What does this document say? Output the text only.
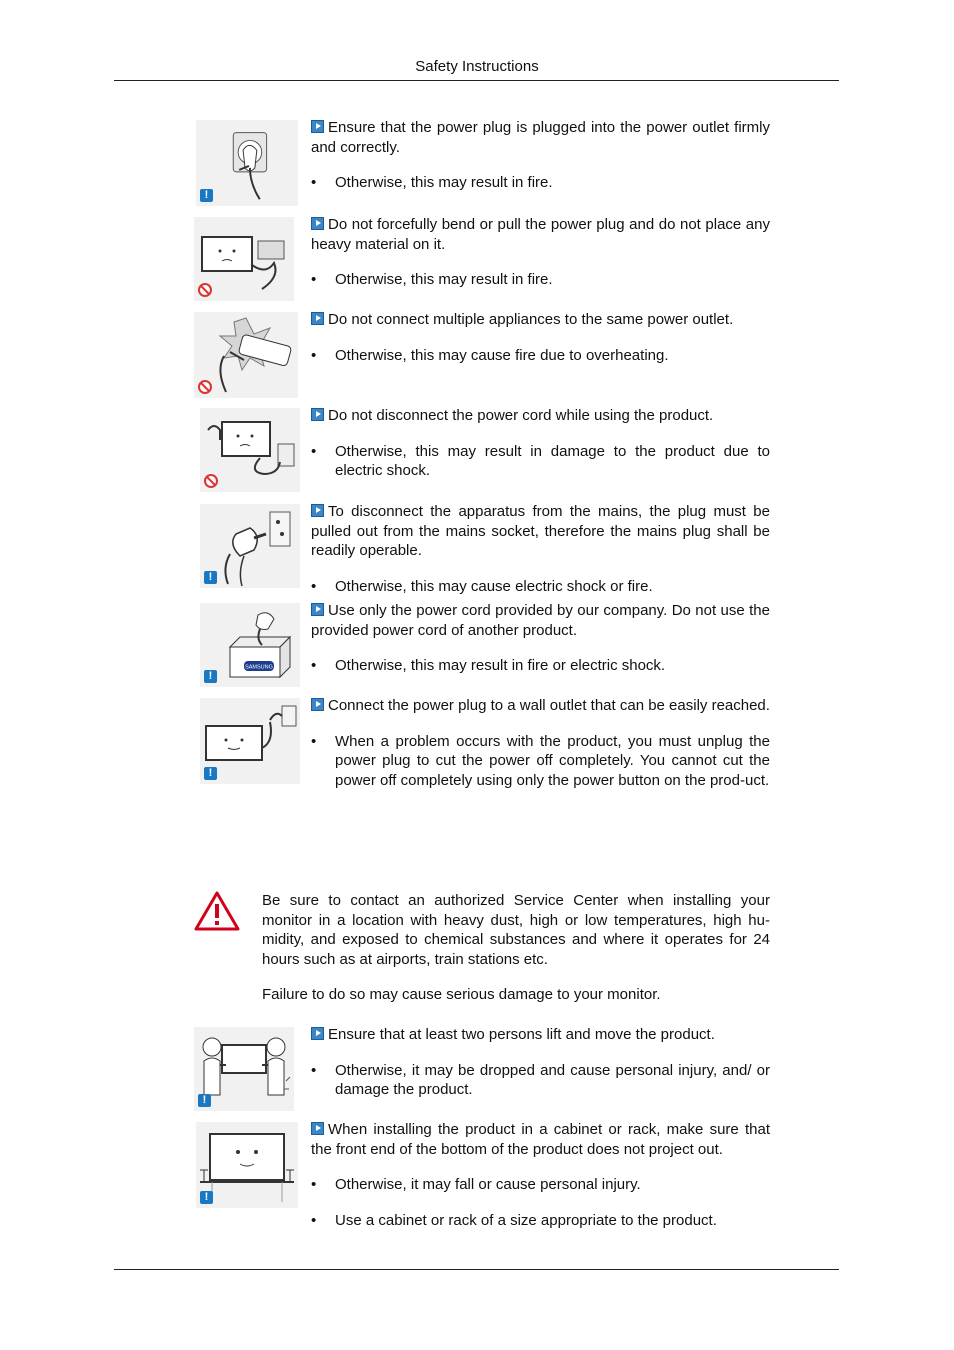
Safety Instructions
!

Ensure that the power plug is plugged into the power outlet firmly and correctly.

• Otherwise, this may result in fire.

Do not forcefully bend or pull the power plug and do not place any heavy material on it.

• Otherwise, this may result in fire.

Do not connect multiple appliances to the same power outlet.

• Otherwise, this may cause fire due to overheating.

Do not disconnect the power cord while using the product.

• Otherwise, this may result in damage to the product due to electric shock.
!

To disconnect the apparatus from the mains, the plug must be pulled out from the mains socket, therefore the mains plug shall be readily operable.

• Otherwise, this may cause electric shock or fire.
SAMSUNG
!

Use only the power cord provided by our company. Do not use the provided power cord of another product.

• Otherwise, this may result in fire or electric shock.
!

Connect the power plug to a wall outlet that can be easily reached.

• When a problem occurs with the product, you must unplug the power plug to cut the power off completely. You cannot cut the power off completely using only the power button on the prod-uct.

Be sure to contact an authorized Service Center when installing your monitor in a location with heavy dust, high or low temperatures, high hu-midity, and exposed to chemical substances and where it operates for 24 hours such as at airports, train stations etc.

Failure to do so may cause serious damage to your monitor.

!

Ensure that at least two persons lift and move the product.

• Otherwise, it may be dropped and cause personal injury, and/ or damage the product.
!

When installing the product in a cabinet or rack, make sure that the front end of the bottom of the product does not project out.

• Otherwise, it may fall or cause personal injury.
• Use a cabinet or rack of a size appropriate to the product.
